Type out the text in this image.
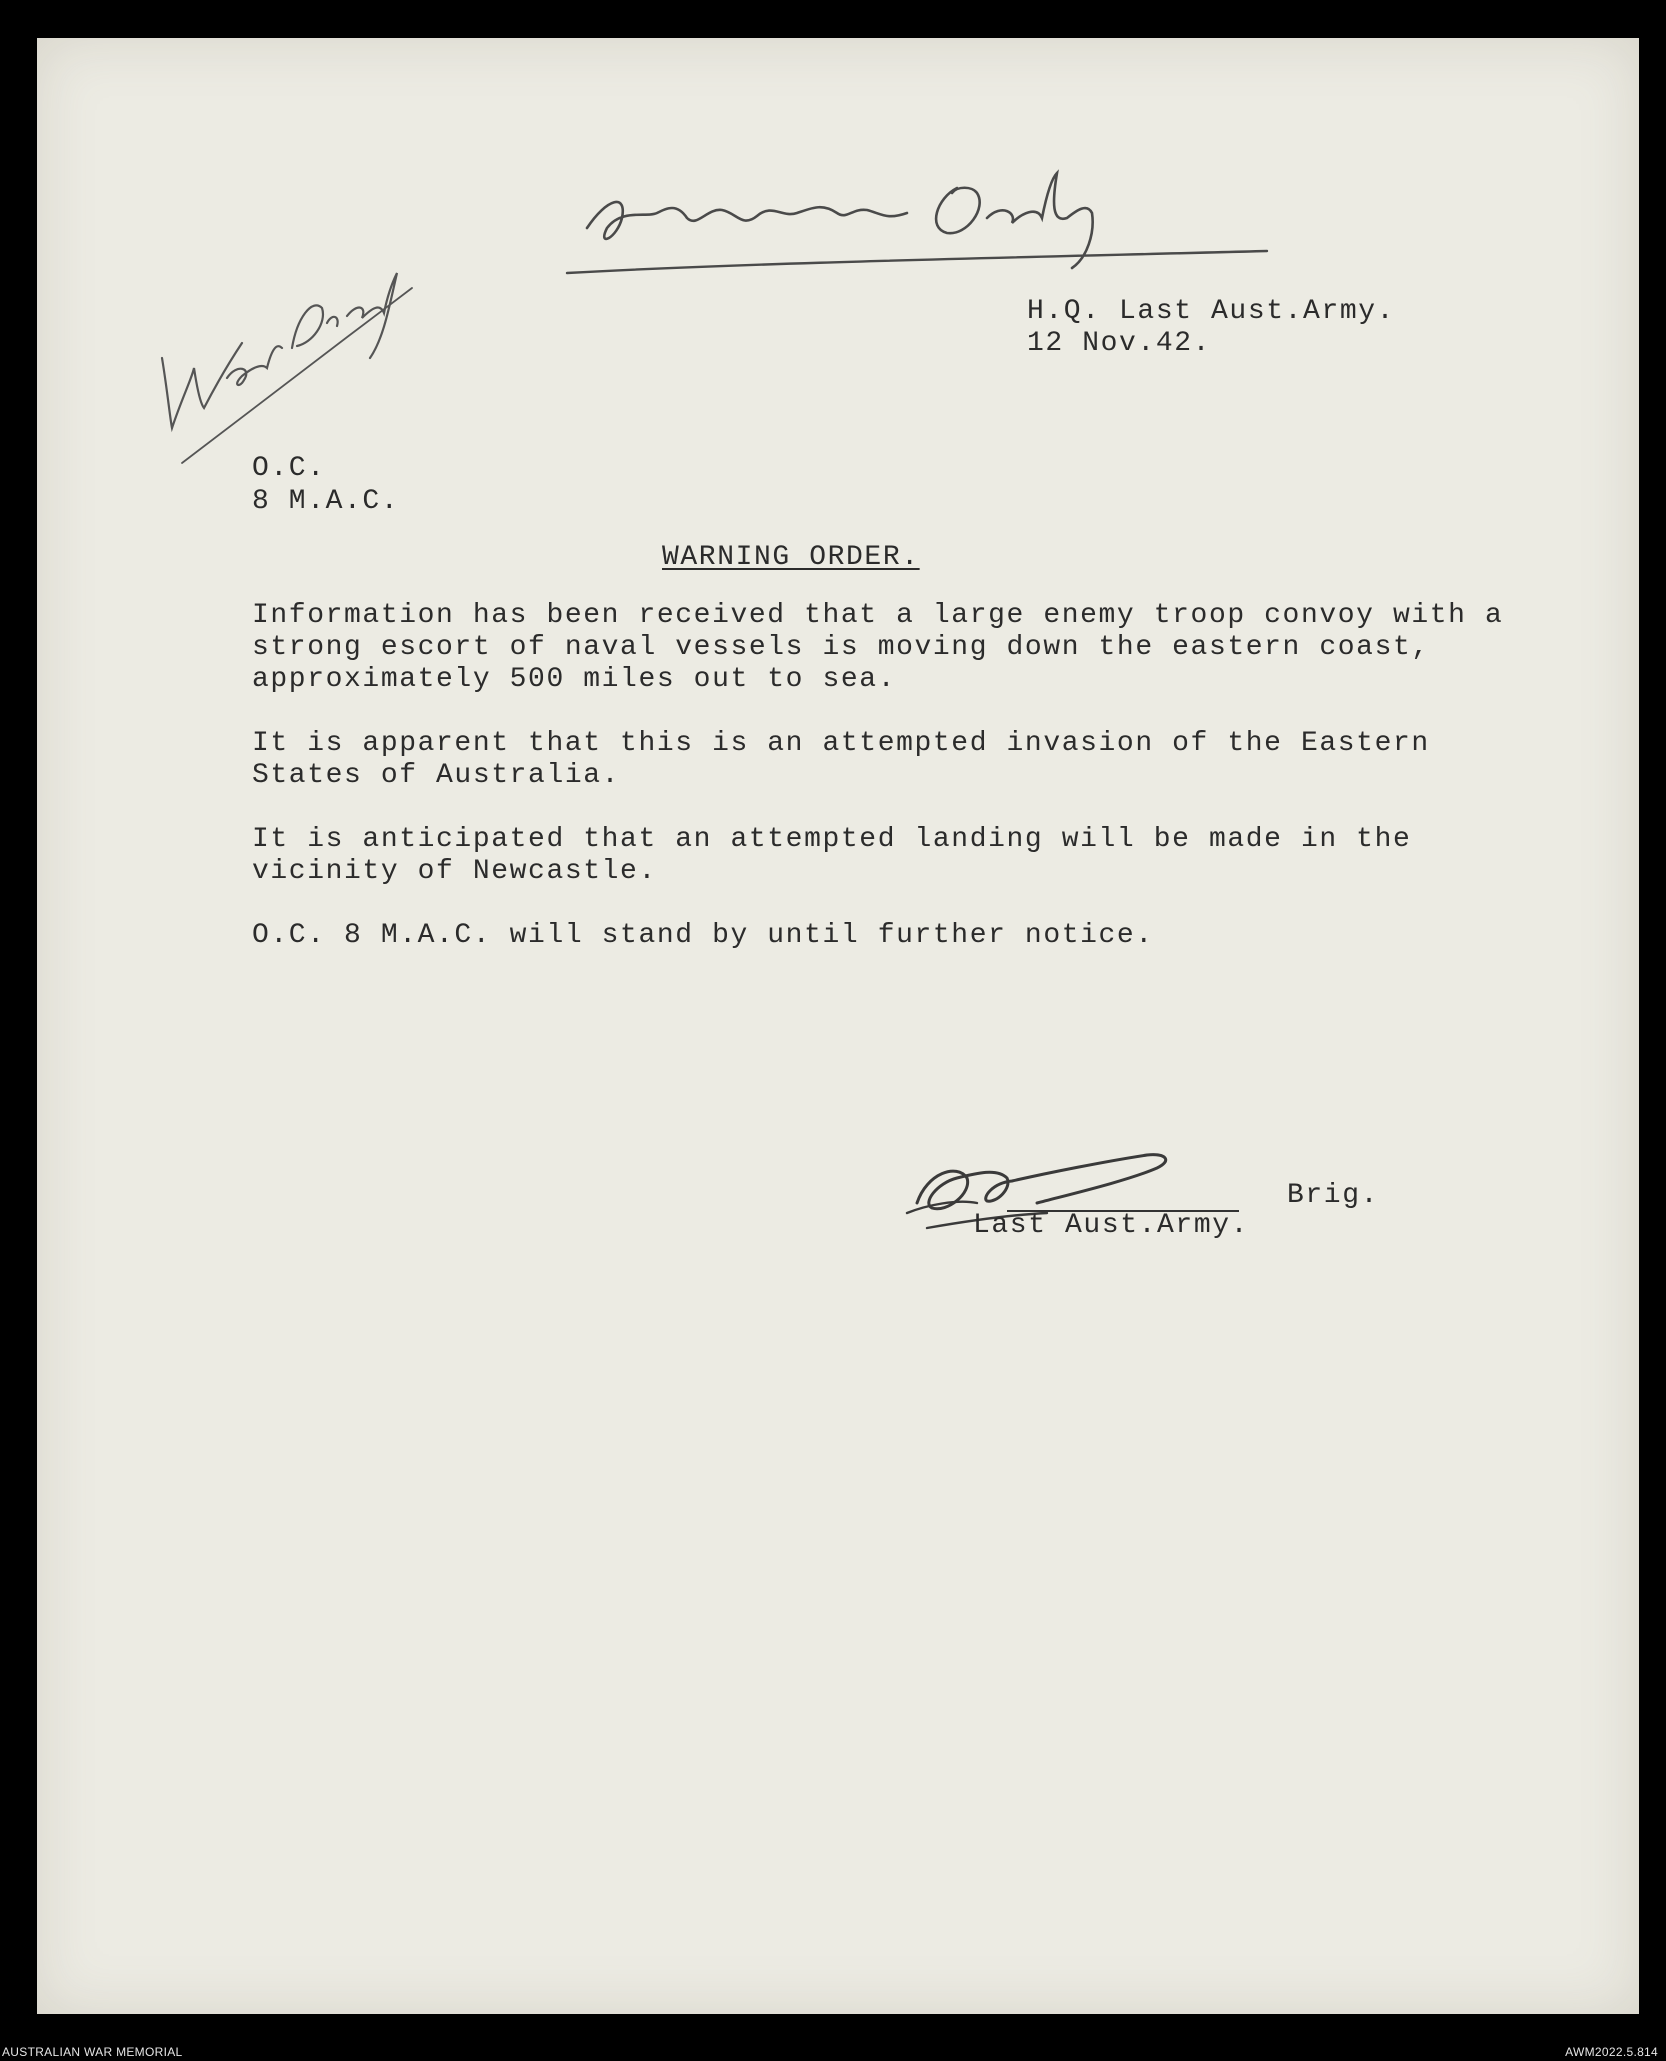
H.Q. Last Aust.Army.

12 Nov.42.

O.C.

8 M.A.C.

WARNING ORDER.

Information has been received that a large enemy troop convoy with a

strong escort of naval vessels is moving down the eastern coast,

approximately 500 miles out to sea.

It is apparent that this is an attempted invasion of the Eastern

States of Australia.

It is anticipated that an attempted landing will be made in the

vicinity of Newcastle.

O.C. 8 M.A.C. will stand by until further notice.

Brig.

Last Aust.Army.

AUSTRALIAN WAR MEMORIAL	AWM2022.5.814
